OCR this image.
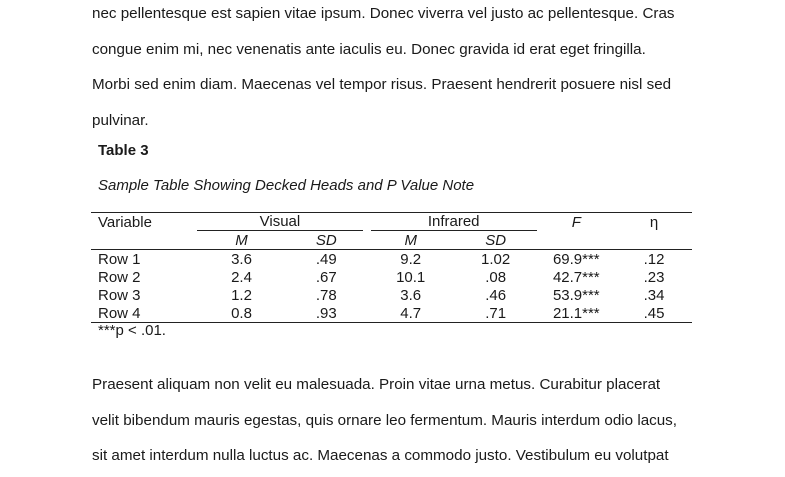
nec pellentesque est sapien vitae ipsum. Donec viverra vel justo ac pellentesque. Cras
congue enim mi, nec venenatis ante iaculis eu. Donec gravida id erat eget fringilla.
Morbi sed enim diam. Maecenas vel tempor risus. Praesent hendrerit posuere nisl sed
pulvinar.

Table 3

Sample Table Showing Decked Heads and P Value Note

Variable	Visual		Infrared		F	η
	M	SD	M	SD		
Row 1	3.6	.49	9.2	1.02	69.9***	.12
Row 2	2.4	.67	10.1	.08	42.7***	.23
Row 3	1.2	.78	3.6	.46	53.9***	.34
Row 4	0.8	.93	4.7	.71	21.1***	.45

***p < .01.

Praesent aliquam non velit eu malesuada. Proin vitae urna metus. Curabitur placerat
velit bibendum mauris egestas, quis ornare leo fermentum. Mauris interdum odio lacus,
sit amet interdum nulla luctus ac. Maecenas a commodo justo. Vestibulum eu volutpat
